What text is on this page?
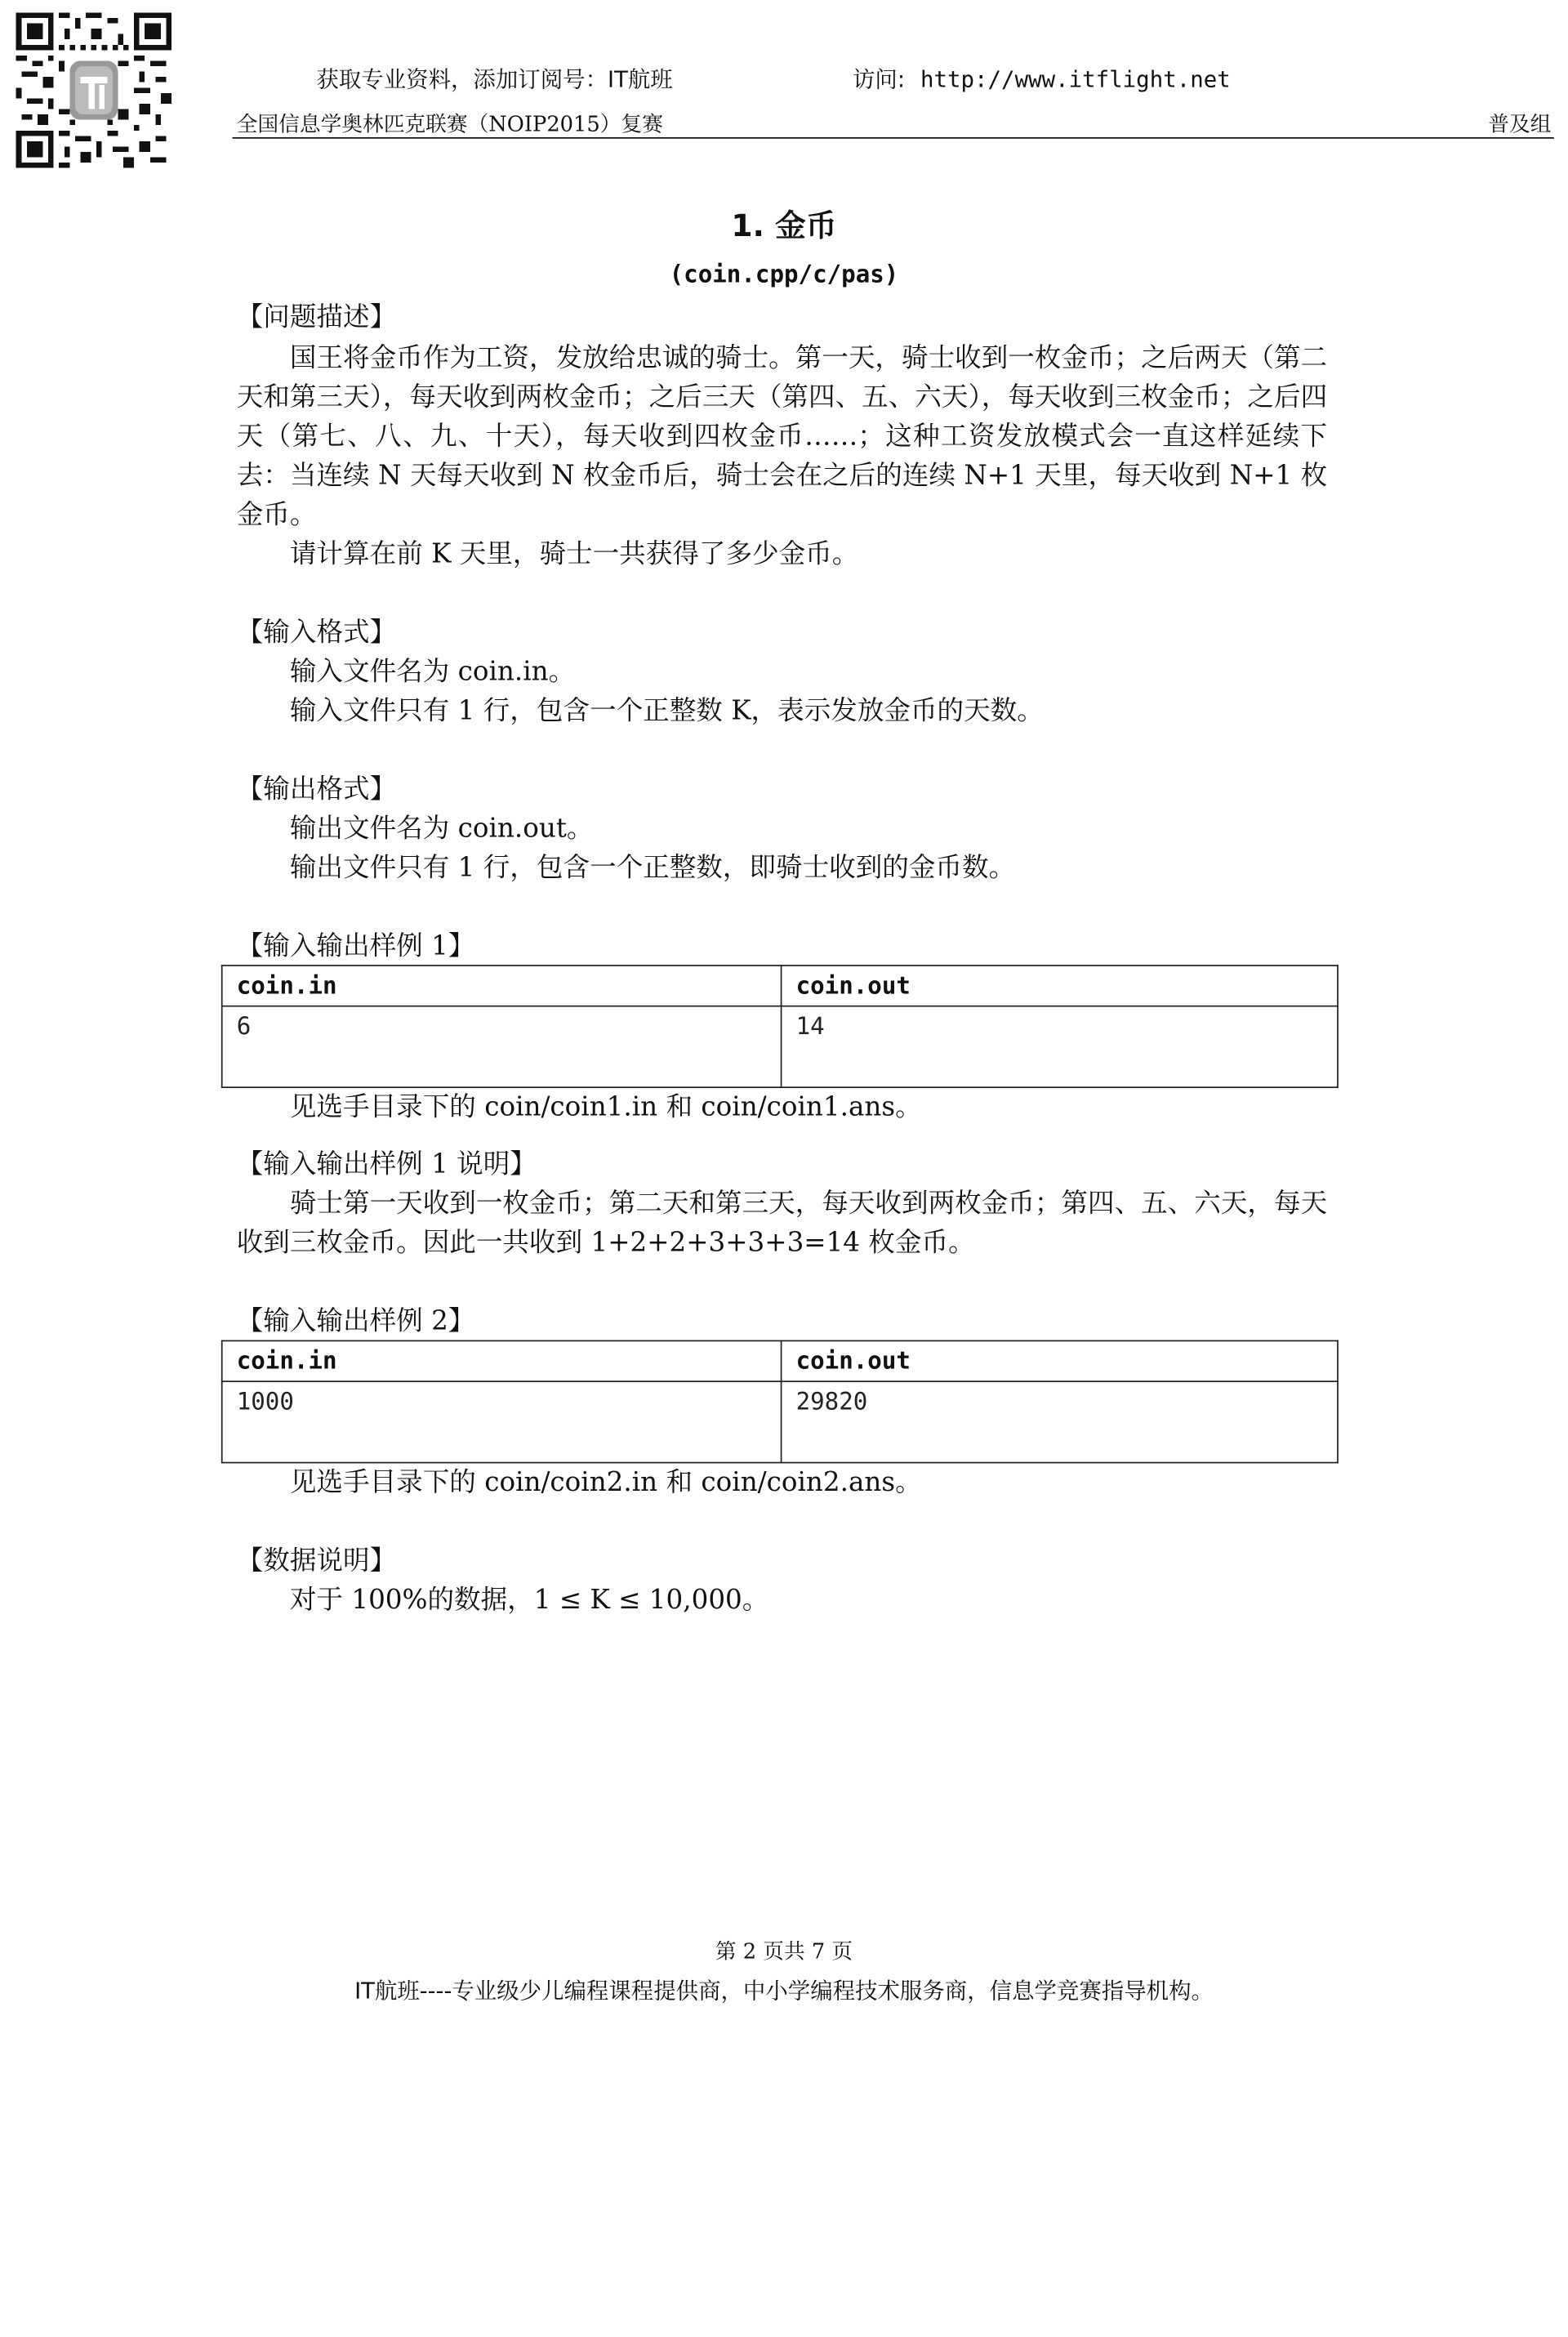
获取专业资料，添加订阅号：IT航班	访问: http://www.itflight.net
全国信息学奥林匹克联赛（NOIP2015）复赛	普及组
1. 金币
(coin.cpp/c/pas)
【问题描述】
国王将金币作为工资，发放给忠诚的骑士。第一天，骑士收到一枚金币；之后两天（第二天和第三天），每天收到两枚金币；之后三天（第四、五、六天），每天收到三枚金币；之后四天（第七、八、九、十天），每天收到四枚金币……；这种工资发放模式会一直这样延续下去：当连续 N 天每天收到 N 枚金币后，骑士会在之后的连续 N+1 天里，每天收到 N+1 枚金币。
请计算在前 K 天里，骑士一共获得了多少金币。
【输入格式】
输入文件名为 coin.in。
输入文件只有 1 行，包含一个正整数 K，表示发放金币的天数。
【输出格式】
输出文件名为 coin.out。
输出文件只有 1 行，包含一个正整数，即骑士收到的金币数。
【输入输出样例 1】
coin.in	coin.out
6	14
见选手目录下的 coin/coin1.in 和 coin/coin1.ans。
【输入输出样例 1 说明】
骑士第一天收到一枚金币；第二天和第三天，每天收到两枚金币；第四、五、六天，每天收到三枚金币。因此一共收到 1+2+2+3+3+3=14 枚金币。
【输入输出样例 2】
coin.in	coin.out
1000	29820
见选手目录下的 coin/coin2.in 和 coin/coin2.ans。
【数据说明】
对于 100%的数据，1 ≤ K ≤ 10,000。
第 2 页共 7 页
IT航班----专业级少儿编程课程提供商，中小学编程技术服务商，信息学竞赛指导机构。
